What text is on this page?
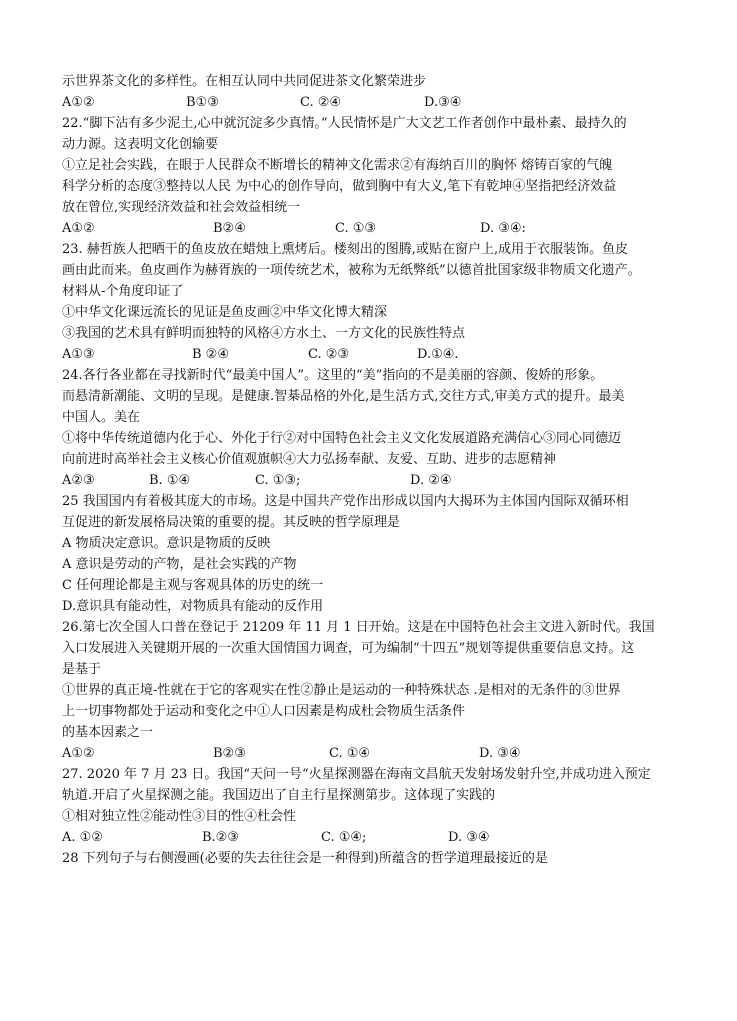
示世界茶文化的多样性。在相互认同中共同促进茶文化繁荣进步
A①②	B①③	C. ②④	D.③④
22.“脚下沾有多少泥土,心中就沉淀多少真情。”人民情怀是广大文艺工作者创作中最朴素、最持久的
动力源。这表明文化创输要
①立足社会实践，在眼于人民群众不断增长的精神文化需求②有海纳百川的胸怀 熔铸百家的气魄
科学分析的态度③整持以人民 为中心的创作导向，做到胸中有大义,笔下有乾坤④坚指把经济效益
放在曾位,实现经济效益和社会效益相统一
A①②	B②④	C. ①③	D. ③④:
23. 赫哲族人把晒干的鱼皮放在蜡烛上熏烤后。楼刻出的图腾,或贴在窗户上,成用于衣服装饰。鱼皮
画由此而来。鱼皮画作为赫胥族的一项传统艺术，被称为无纸弊纸”以德首批国家级非物质文化遗产。
材料从-个角度印证了
①中华文化课远流长的见证是鱼皮画②中华文化博大精深
③我国的艺术具有鲜明而独特的风格④方水土、一方文化的民族性特点
A①③	B ②④	C. ②③	D.①④.
24.各行各业都在寻找新时代“最美中国人”。这里的“美”指向的不是美丽的容颜、俊娇的形象。
而悬清新潮能、文明的呈现。是健康.智棊品格的外化,是生活方式,交往方式,审美方式的提升。最美
中国人。美在
①将中华传统道德内化于心、外化于行②对中国特色社会主义文化发展道路充满信心③同心同德迈
向前进时高举社会主义核心价值观旗帜④大力弘扬奉献、友爱、互助、进步的志愿精神
A②③	B. ①④	C. ①③;	D. ②④
25 我国国内有着极其庞大的市场。这是中国共产党作出形成以国内大揭环为主体国内国际双循环相
互促进的新发展格局决策的重要的提。其反映的哲学原理是
A 物质决定意识。意识是物质的反映
A 意识是劳动的产物，是社会实践的产物
C 任何理论都是主观与客观具体的历史的统一
D.意识具有能动性，对物质具有能动的反作用
26.第七次全国人口普在登记于 21209 年 11 月 1 日开始。这是在中国特色社会主文进入新时代。我国
入口发展进入关键期开展的一次重大国情国力调查，可为编制“十四五”规划等提供重要信息文持。这
是基于
①世界的真正境-性就在于它的客观实在性②静止是运动的一种特殊状态 .是相对的无条件的③世界
上一切事物都处于运动和变化之中①人口因素是构成杜会物质生活条件
的基本因素之一
A①②	B②③	C. ①④	D. ③④
27. 2020 年 7 月 23 日。我国“天问一号“火星探测器在海南文昌航天发射场发射升空,并成功进入预定
轨道.开启了火星探测之能。我国迈出了自主行星探测第步。这体现了实践的
①相对独立性②能动性③目的性④杜会性
A. ①②	B.②③	C. ①④;	D. ③④
28 下列句子与右侧漫画(必要的失去往往会是一种得到)所蕴含的哲学道理最接近的是
